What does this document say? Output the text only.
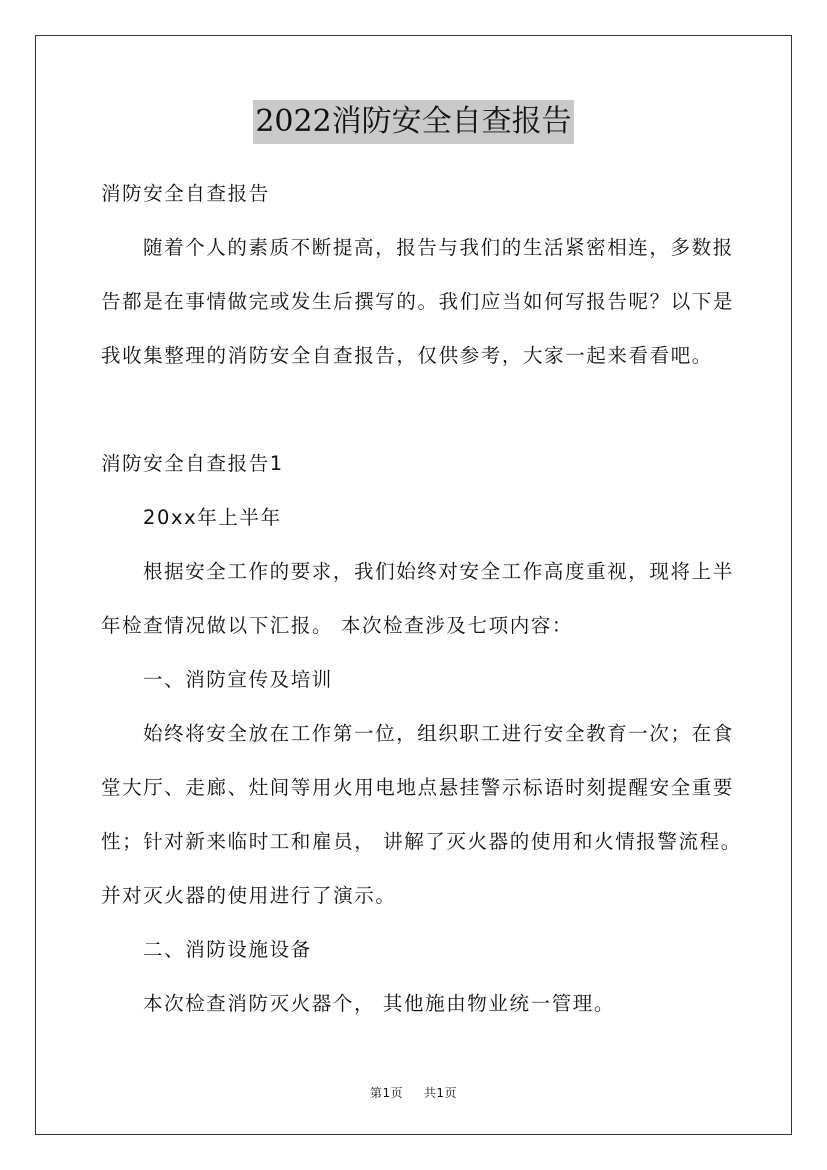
2022消防安全自查报告
消防安全自查报告
随着个人的素质不断提高，报告与我们的生活紧密相连，多数报
告都是在事情做完或发生后撰写的。我们应当如何写报告呢？以下是
我收集整理的消防安全自查报告，仅供参考，大家一起来看看吧。
消防安全自查报告1
20xx年上半年
根据安全工作的要求，我们始终对安全工作高度重视，现将上半
年检查情况做以下汇报。 本次检查涉及七项内容：
一、消防宣传及培训
始终将安全放在工作第一位，组织职工进行安全教育一次；在食
堂大厅、走廊、灶间等用火用电地点悬挂警示标语时刻提醒安全重要
性；针对新来临时工和雇员， 讲解了灭火器的使用和火情报警流程。
并对灭火器的使用进行了演示。
二、消防设施设备
本次检查消防灭火器个， 其他施由物业统一管理。
第1页 共1页
